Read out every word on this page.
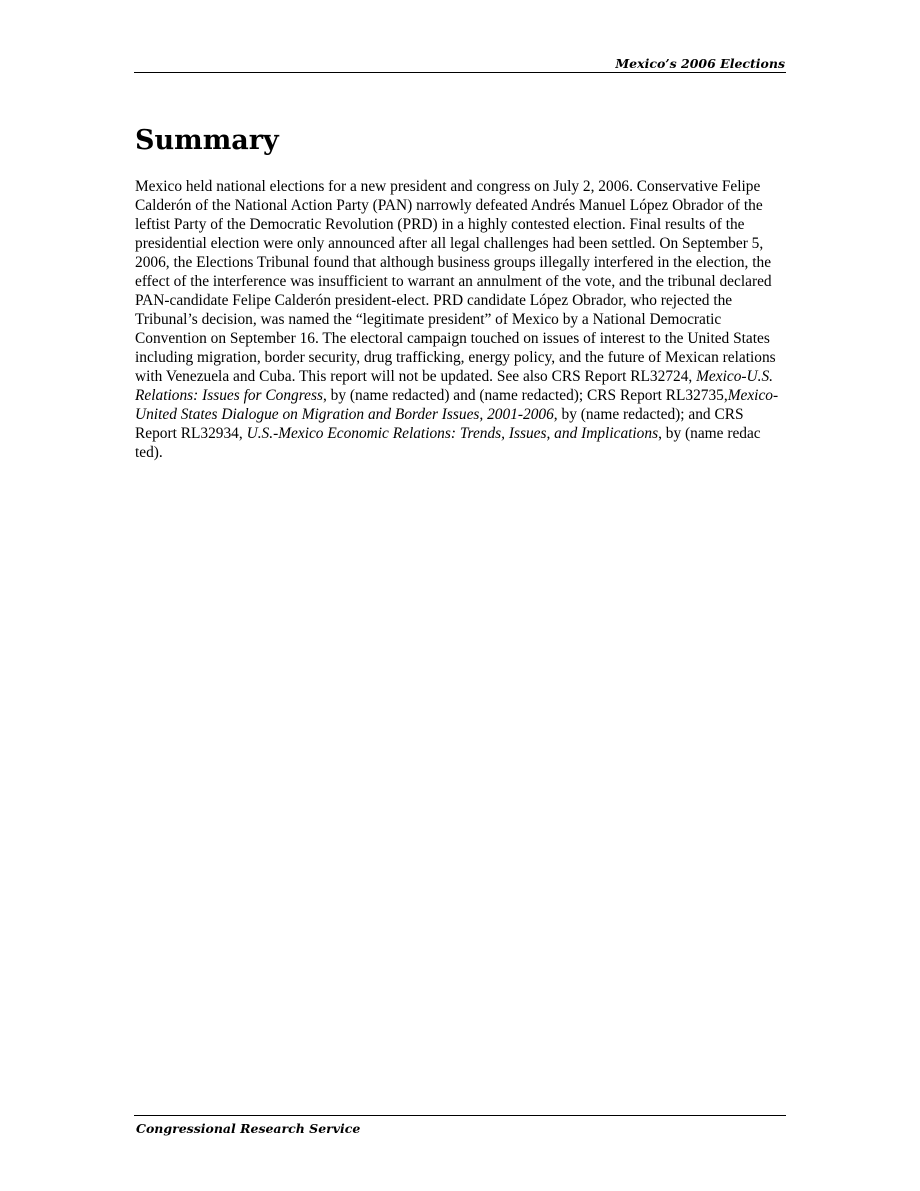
Mexico’s 2006 Elections
Summary

Mexico held national elections for a new president and congress on July 2, 2006. Conservative Felipe Calderón of the National Action Party (PAN) narrowly defeated Andrés Manuel López Obrador of the leftist Party of the Democratic Revolution (PRD) in a highly contested election. Final results of the presidential election were only announced after all legal challenges had been settled. On September 5, 2006, the Elections Tribunal found that although business groups illegally interfered in the election, the effect of the interference was insufficient to warrant an annulment of the vote, and the tribunal declared PAN-candidate Felipe Calderón president-elect. PRD candidate López Obrador, who rejected the Tribunal’s decision, was named the “legitimate president” of Mexico by a National Democratic Convention on September 16. The electoral campaign touched on issues of interest to the United States including migration, border security, drug trafficking, energy policy, and the future of Mexican relations with Venezuela and Cuba. This report will not be updated. See also CRS Report RL32724, Mexico-U.S. Relations: Issues for Congress, by (name redacted) and (name redacted); CRS Report RL32735,Mexico-United States Dialogue on Migration and Border Issues, 2001-2006, by (name redacted); and CRS Report RL32934, U.S.-Mexico Economic Relations: Trends, Issues, and Implications, by (name redac ted).

Congressional Research Service
